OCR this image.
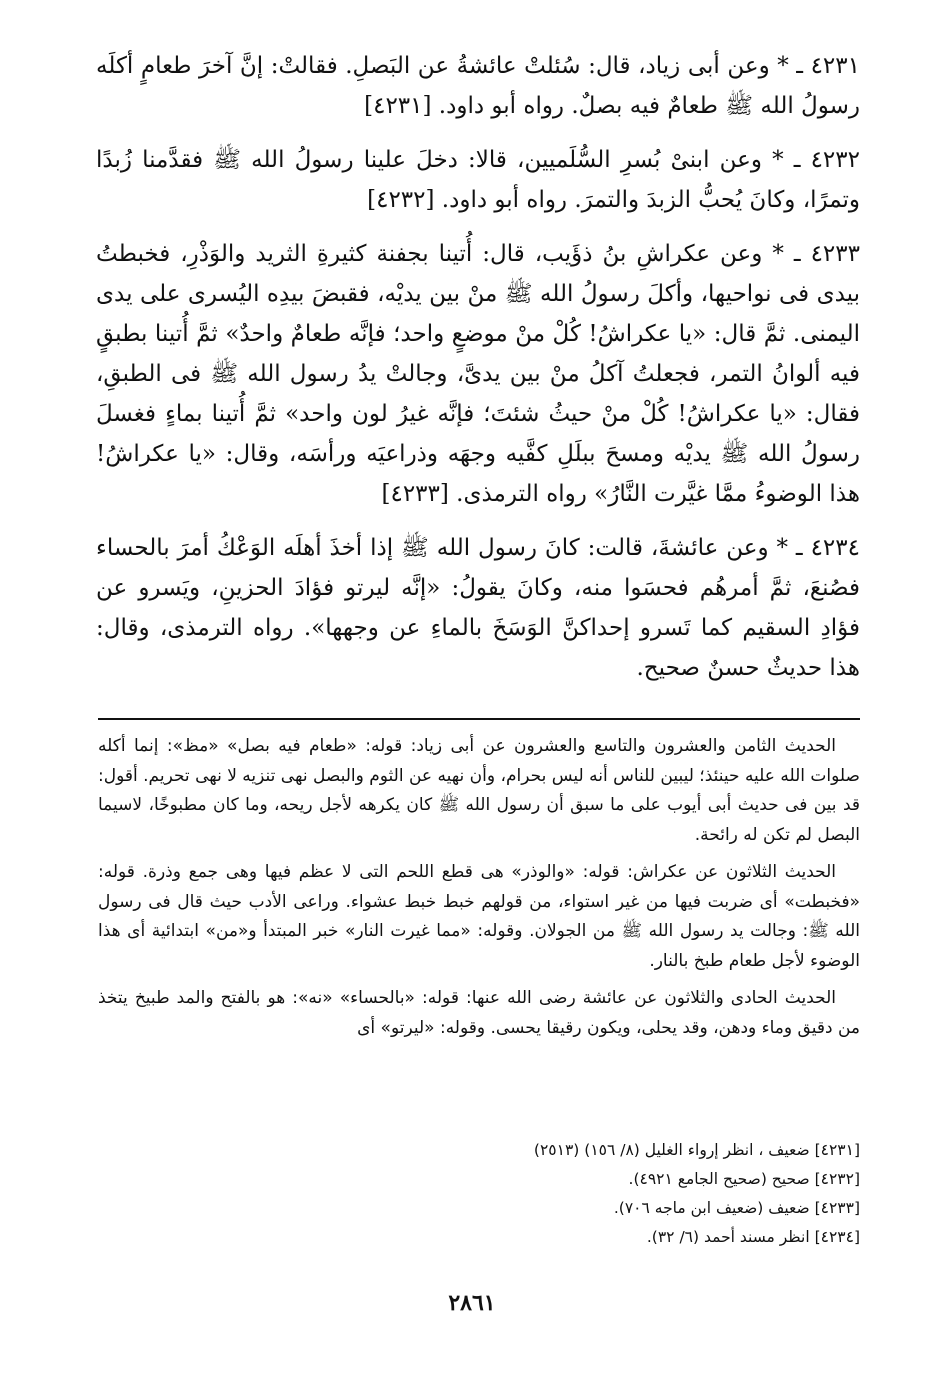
٤٢٣١ ـ * وعن أبى زياد، قال: سُئلتْ عائشةُ عن البَصلِ. فقالتْ: إنَّ آخرَ طعامٍ أكلَه رسولُ الله ﷺ طعامٌ فيه بصلٌ. رواه أبو داود. [٤٢٣١]

٤٢٣٢ ـ * وعن ابنىْ بُسرِ السُّلَميين، قالا: دخلَ علينا رسولُ الله ﷺ فقدَّمنا زُبدًا وتمرًا، وكانَ يُحبُّ الزبدَ والتمرَ. رواه أبو داود. [٤٢٣٢]

٤٢٣٣ ـ * وعن عكراشِ بنُ ذؤَيب، قال: أُتينا بجفنة كثيرةِ الثريد والوَذْرِ، فخبطتُ بيدى فى نواحيها، وأكلَ رسولُ الله ﷺ منْ بين يديْه، فقبضَ بيدِه اليُسرى على يدى اليمنى. ثمَّ قال: «يا عكراشُ! كُلْ منْ موضعٍ واحد؛ فإنَّه طعامٌ واحدٌ» ثمَّ أُتينا بطبقٍ فيه ألوانُ التمر، فجعلتُ آكلُ منْ بين يدىَّ، وجالتْ يدُ رسول الله ﷺ فى الطبقِ، فقال: «يا عكراشُ! كُلْ منْ حيثُ شئتَ؛ فإنَّه غيرُ لون واحد» ثمَّ أُتينا بماءٍ فغسلَ رسولُ الله ﷺ يديْه ومسحَ ببلَلِ كفَّيه وجهَه وذراعيَه ورأسَه، وقال: «يا عكراشُ! هذا الوضوءُ ممَّا غيَّرت النَّارُ» رواه الترمذى. [٤٢٣٣]

٤٢٣٤ ـ * وعن عائشةَ، قالت: كانَ رسول الله ﷺ إذا أخذَ أهلَه الوَعْكُ أمرَ بالحساء فصُنعَ، ثمَّ أمرهُم فحسَوا منه، وكانَ يقولُ: «إنَّه ليرتو فؤادَ الحزينِ، ويَسرو عن فؤادِ السقيم كما تَسرو إحداكنَّ الوَسَخَ بالماءِ عن وجهها». رواه الترمذى، وقال: هذا حديثٌ حسنٌ صحيح.

الحديث الثامن والعشرون والتاسع والعشرون عن أبى زياد: قوله: «طعام فيه بصل» «مظ»: إنما أكله صلوات الله عليه حينئذ؛ ليبين للناس أنه ليس بحرام، وأن نهيه عن الثوم والبصل نهى تنزيه لا نهى تحريم. أقول: قد بين فى حديث أبى أيوب على ما سبق أن رسول الله ﷺ كان يكرهه لأجل ريحه، وما كان مطبوخًا، لاسيما البصل لم تكن له رائحة.

الحديث الثلاثون عن عكراش: قوله: «والوذر» هى قطع اللحم التى لا عظم فيها وهى جمع وذرة. قوله: «فخبطت» أى ضربت فيها من غير استواء، من قولهم خبط خبط عشواء. وراعى الأدب حيث قال فى رسول الله ﷺ: وجالت يد رسول الله ﷺ من الجولان. وقوله: «مما غيرت النار» خبر المبتدأ و«من» ابتدائية أى هذا الوضوء لأجل طعام طبخ بالنار.

الحديث الحادى والثلاثون عن عائشة رضى الله عنها: قوله: «بالحساء» «نه»: هو بالفتح والمد طبيخ يتخذ من دقيق وماء ودهن، وقد يحلى، ويكون رقيقا يحسى. وقوله: «ليرتو» أى

[٤٢٣١] ضعيف ، انظر إرواء الغليل (٨/ ١٥٦) (٢٥١٣)
[٤٢٣٢] صحيح (صحيح الجامع ٤٩٢١).
[٤٢٣٣] ضعيف (ضعيف ابن ماجه ٧٠٦).
[٤٢٣٤] انظر مسند أحمد (٦/ ٣٢).
٢٨٦١
